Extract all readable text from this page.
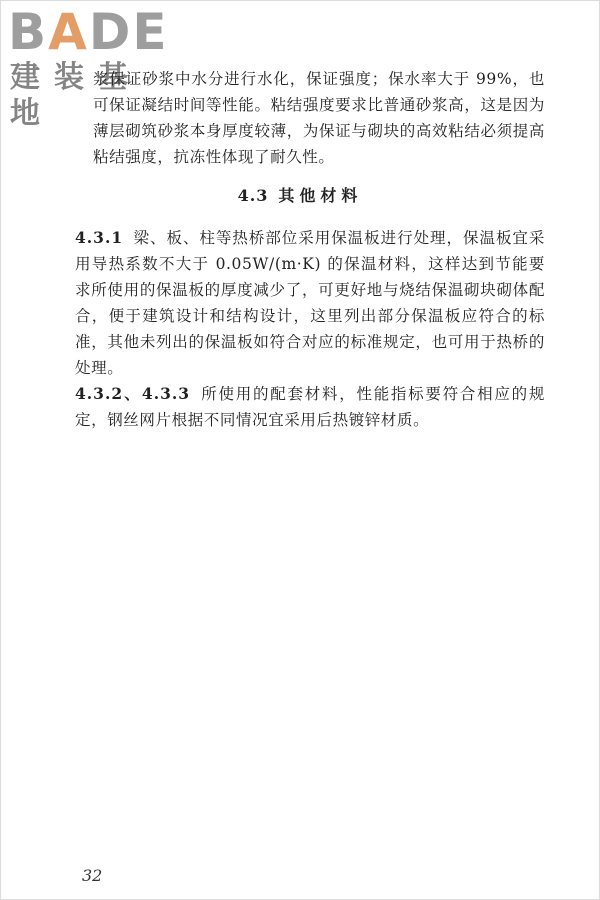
BADE
建装基地

浆保证砂浆中水分进行水化，保证强度；保水率大于 99%，也可保证凝结时间等性能。粘结强度要求比普通砂浆高，这是因为薄层砌筑砂浆本身厚度较薄，为保证与砌块的高效粘结必须提高粘结强度，抗冻性体现了耐久性。

4.3 其他材料

4.3.1 梁、板、柱等热桥部位采用保温板进行处理，保温板宜采用导热系数不大于 0.05W/(m·K) 的保温材料，这样达到节能要求所使用的保温板的厚度减少了，可更好地与烧结保温砌块砌体配合，便于建筑设计和结构设计，这里列出部分保温板应符合的标准，其他未列出的保温板如符合对应的标准规定，也可用于热桥的处理。

4.3.2、4.3.3 所使用的配套材料，性能指标要符合相应的规定，钢丝网片根据不同情况宜采用后热镀锌材质。

32
